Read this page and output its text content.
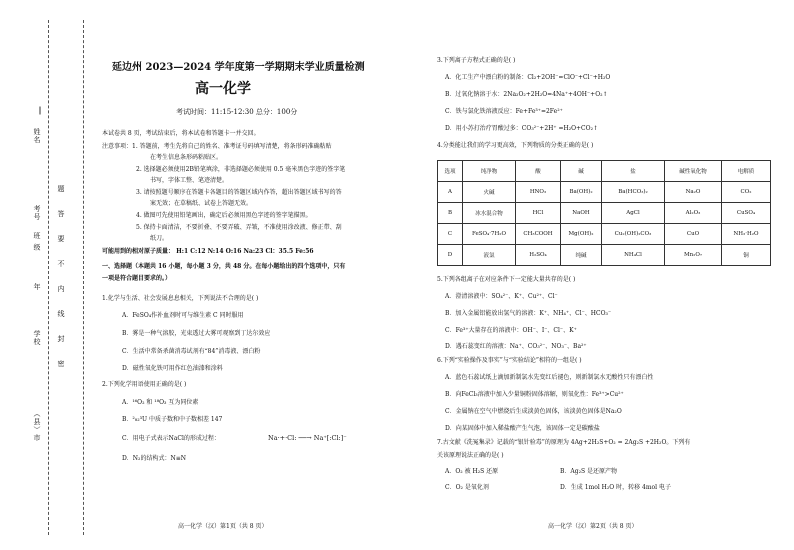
姓名
考号
班 级
年
学校
（县）市
题
答
要
不
内
线
封
密
延边州 2023—2024 学年度第一学期期末学业质量检测
高一化学
考试时间：11:15-12:30 总分：100分
本试卷共 8 页，考试结束后，将本试卷和答题卡一并交回。
注意事项：1. 答题前，考生先将自己的姓名、准考证号码填写清楚，将条形码准确粘贴
在考生信息条形码粘贴区。
2. 选择题必须使用2B铅笔填涂，非选择题必须使用 0.5 毫米黑色字迹的签字笔
书写，字体工整、笔迹清楚。
3. 请按照题号顺序在答题卡各题目的答题区域内作答，超出答题区域书写的答
案无效；在草稿纸、试卷上答题无效。
4. 做图可先使用铅笔画出，确定后必须用黑色字迹的签字笔描黑。
5. 保持卡面清洁，不要折叠、不要弄破、弄皱，不准使用涂改液、修正带、刮
纸刀。
可能用到的相对原子质量： H:1 C:12 N:14 O:16 Na:23 Cl：35.5 Fe:56
一、选择题（本题共 16 小题，每小题 3 分，共 48 分。在每小题给出的四个选项中，只有
一项是符合题目要求的。）
1.化学与生活、社会发展息息相关，下列说法不合理的是( )
A．FeSO₄作补血剂时可与维生素 C 同时服用
B．雾是一种气溶胶，光束透过大雾可观察到丁达尔效应
C．生活中常备杀菌消毒试剂有“84”消毒液、漂白粉
D．磁性氧化铁可用作红色油漆和涂料
2.下列化学用语使用正确的是( )
A．¹⁶O₂ 和 ¹⁸O₃ 互为同位素
B．²₈₂³U 中质子数和中子数相差 147
C．用电子式表示NaCl的形成过程：	Na·+·Cl: ──→ Na⁺[:Cl:]⁻
D．N₂的结构式：N≡N
高一化学（汉）第1页（共 8 页）
3.下列离子方程式正确的是( )
A．化工生产中漂白粉的制备：Cl₂+2OH⁻=ClO⁻+Cl⁻+H₂O
B．过氧化钠溶于水：2Na₂O₂+2H₂O=4Na⁺+4OH⁻+O₂↑
C．铁与氯化铁溶液反应：Fe+Fe³⁺=2Fe²⁺
D．用小苏打治疗胃酸过多：CO₃²⁻+2H⁺ =H₂O+CO₂↑
4.分类能让我们的学习更高效，下列物质的分类正确的是( )
选项	纯净物	酸	碱	盐	碱性氧化物	电解质
A	火碱	HNO₃	Ba(OH)₂	Ba(HCO₃)₂	Na₂O	CO₂
B	冰水混合物	HCl	NaOH	AgCl	Al₂O₃	CuSO₄
C	FeSO₄·7H₂O	CH₃COOH	Mg(OH)₂	Cu₂(OH)₂CO₃	CuO	NH₃·H₂O
D	液氯	H₂SO₄	纯碱	NH₄Cl	Mn₂O₇	铜
5.下列各组离子在对应条件下一定能大量共存的是( )
A．澄清溶液中：SO₄²⁻、K⁺、Cu²⁺、Cl⁻
B．加入金属铝能放出氢气的溶液：K⁺、NH₄⁺、Cl⁻、HCO₃⁻
C．Fe³⁺大量存在的溶液中：OH⁻、I⁻、Cl⁻、K⁺
D．遇石蕊变红的溶液：Na⁺、CO₃²⁻、NO₃⁻、Ba²⁺
6.下列“实验操作及事实”与“实验结论”相符的一组是( )
A．蓝色石蕊试纸上滴加新制氯水先变红后褪色，则新制氯水无酸性只有漂白性
B．向FeCl₃溶液中加入少量铜粉固体溶解，则氧化性：Fe³⁺>Cu²⁺
C．金属钠在空气中燃烧后生成淡黄色固体，该淡黄色固体是Na₂O
D．向某固体中加入稀盐酸产生气泡，该固体一定是碳酸盐
7.古文献《洗冤集录》记载的“银针验毒”的原理为 4Ag+2H₂S+O₂ = 2Ag₂S +2H₂O。下列有
关该原理说法正确的是( )
A．O₂ 被 H₂S 还原	B．Ag₂S 是还原产物
C．O₂ 是氧化剂	D．生成 1mol H₂O 时，转移 4mol 电子
高一化学（汉）第2页（共 8 页）
